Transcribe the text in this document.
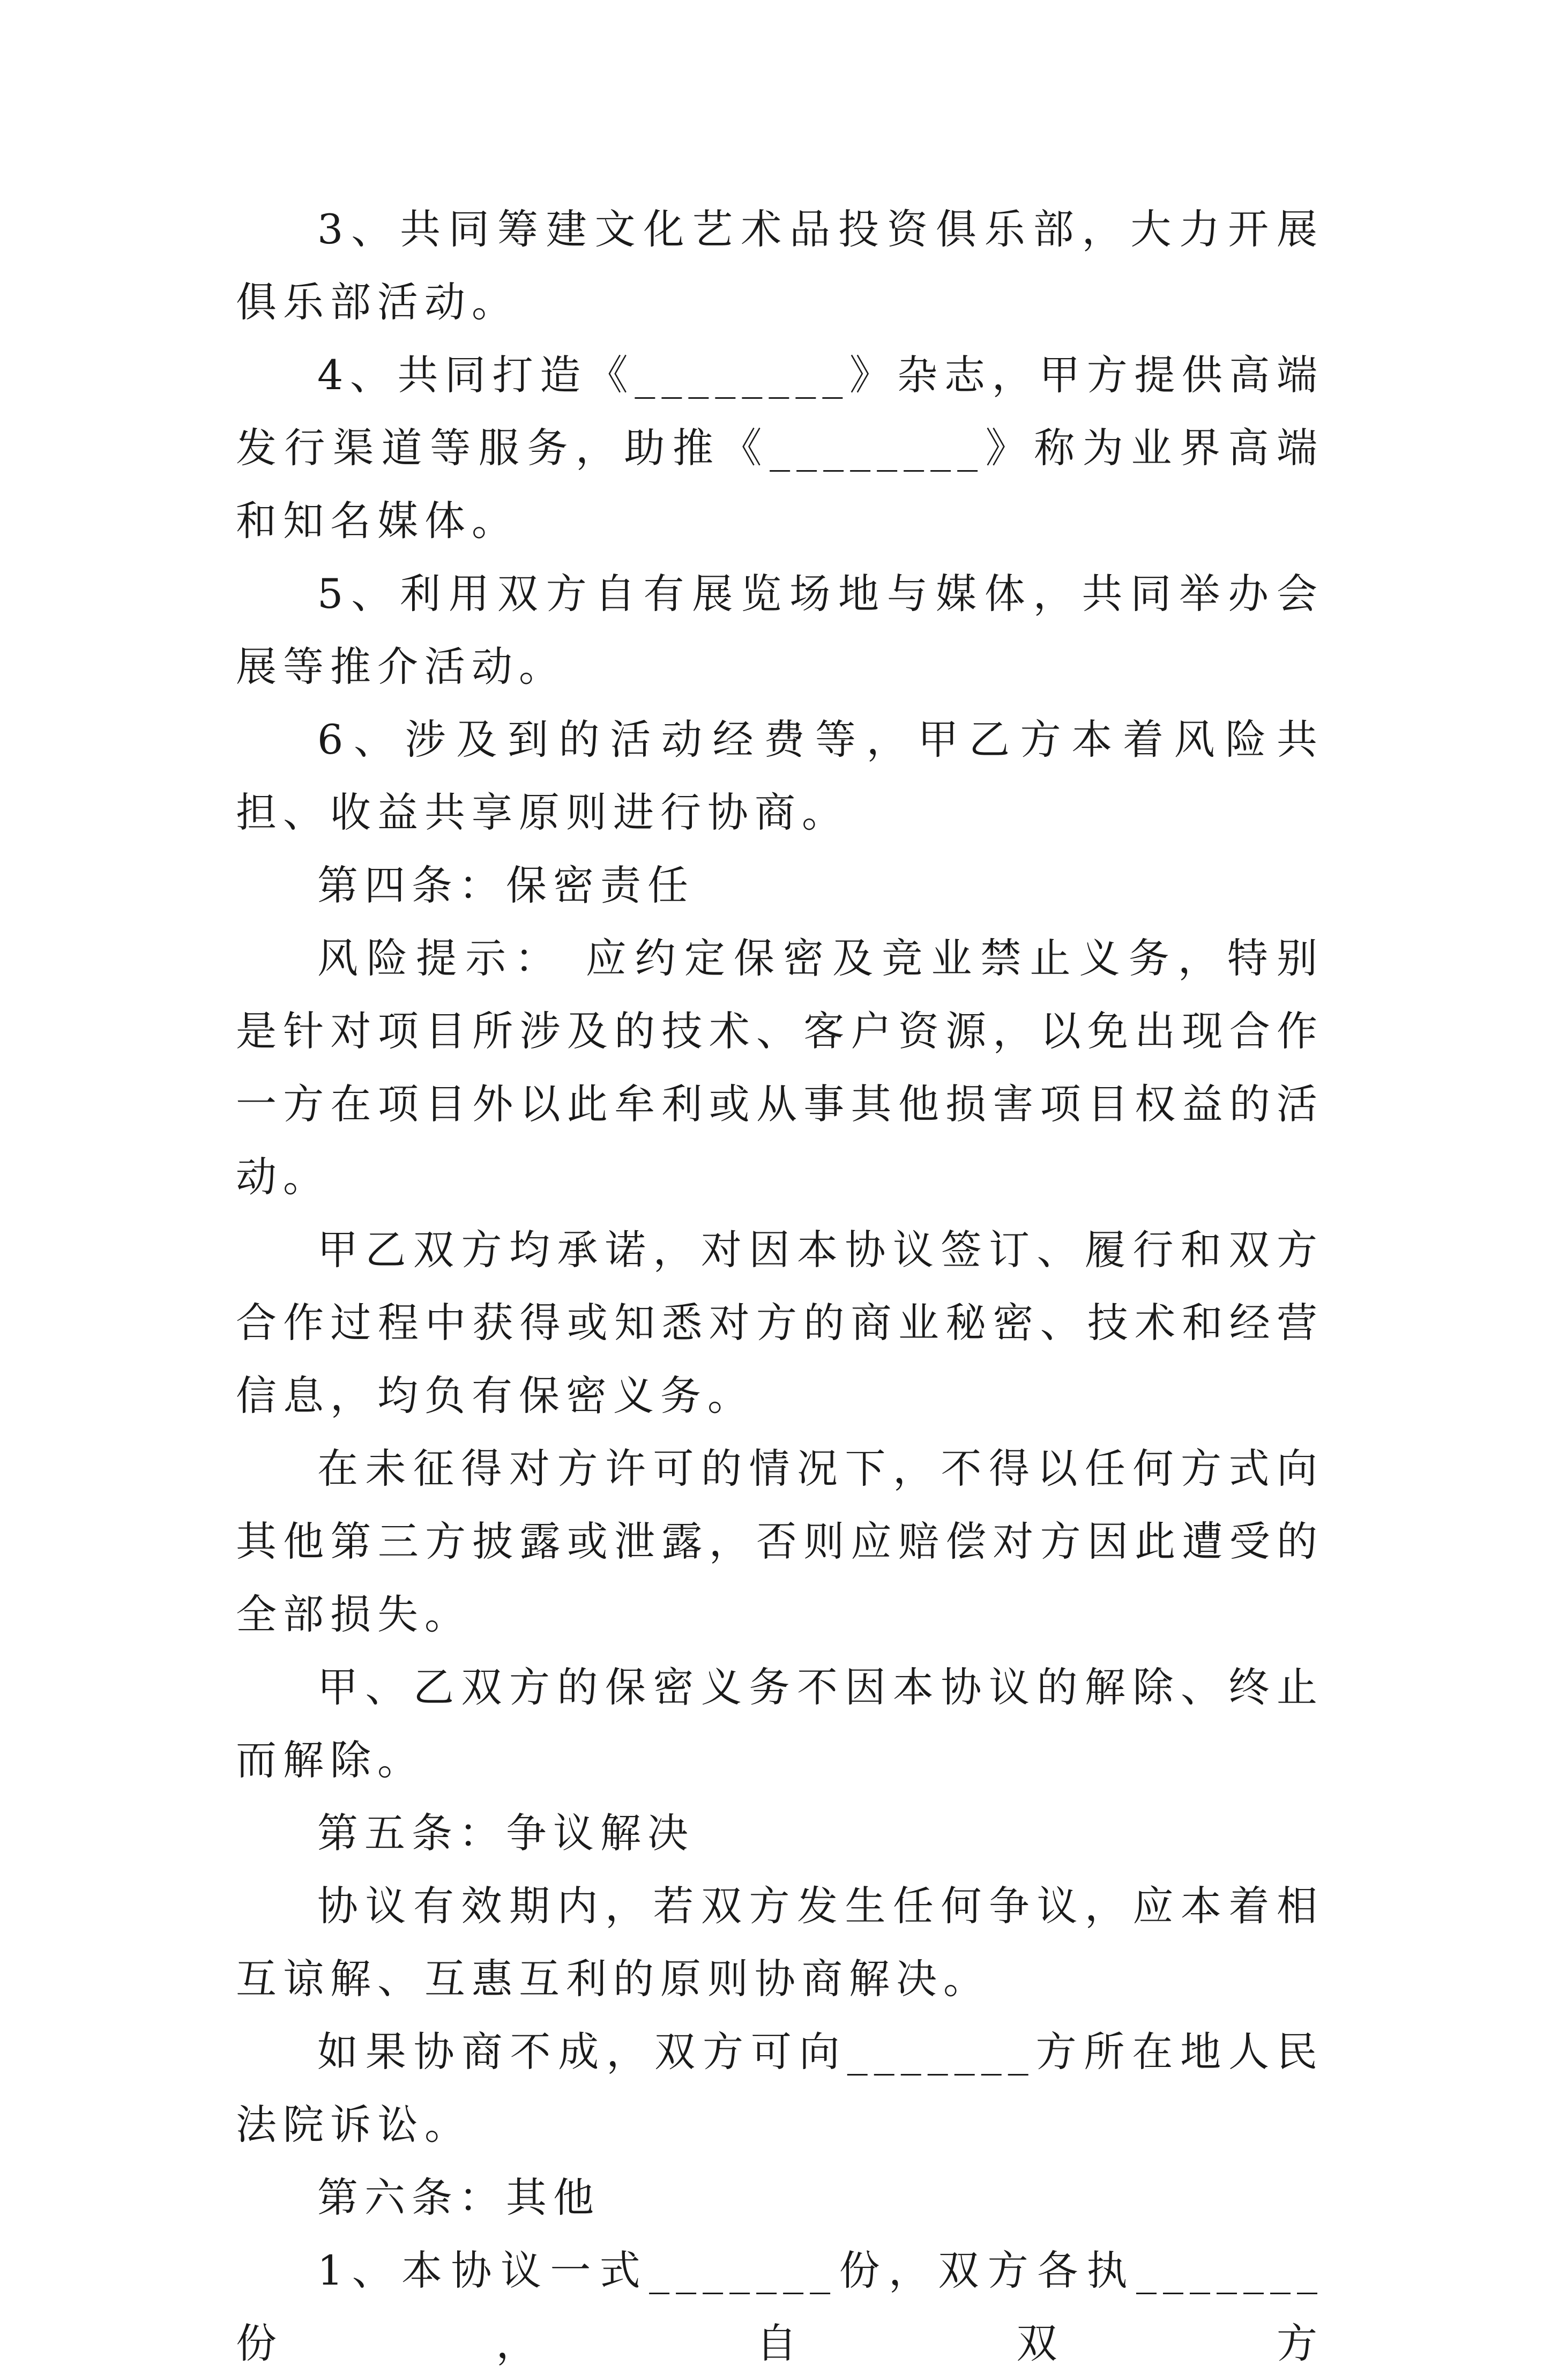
3、共同筹建文化艺术品投资俱乐部，大力开展俱乐部活动。

4、共同打造《________》杂志，甲方提供高端发行渠道等服务，助推《________》称为业界高端和知名媒体。

5、利用双方自有展览场地与媒体，共同举办会展等推介活动。

6、涉及到的活动经费等，甲乙方本着风险共担、收益共享原则进行协商。

第四条：保密责任

风险提示： 应约定保密及竞业禁止义务，特别是针对项目所涉及的技术、客户资源，以免出现合作一方在项目外以此牟利或从事其他损害项目权益的活动。

甲乙双方均承诺，对因本协议签订、履行和双方合作过程中获得或知悉对方的商业秘密、技术和经营信息，均负有保密义务。

在未征得对方许可的情况下，不得以任何方式向其他第三方披露或泄露，否则应赔偿对方因此遭受的全部损失。

甲、乙双方的保密义务不因本协议的解除、终止而解除。

第五条：争议解决

协议有效期内，若双方发生任何争议，应本着相互谅解、互惠互利的原则协商解决。

如果协商不成，双方可向_______方所在地人民法院诉讼。

第六条：其他

1、本协议一式_______份，双方各执_______份，自双方
